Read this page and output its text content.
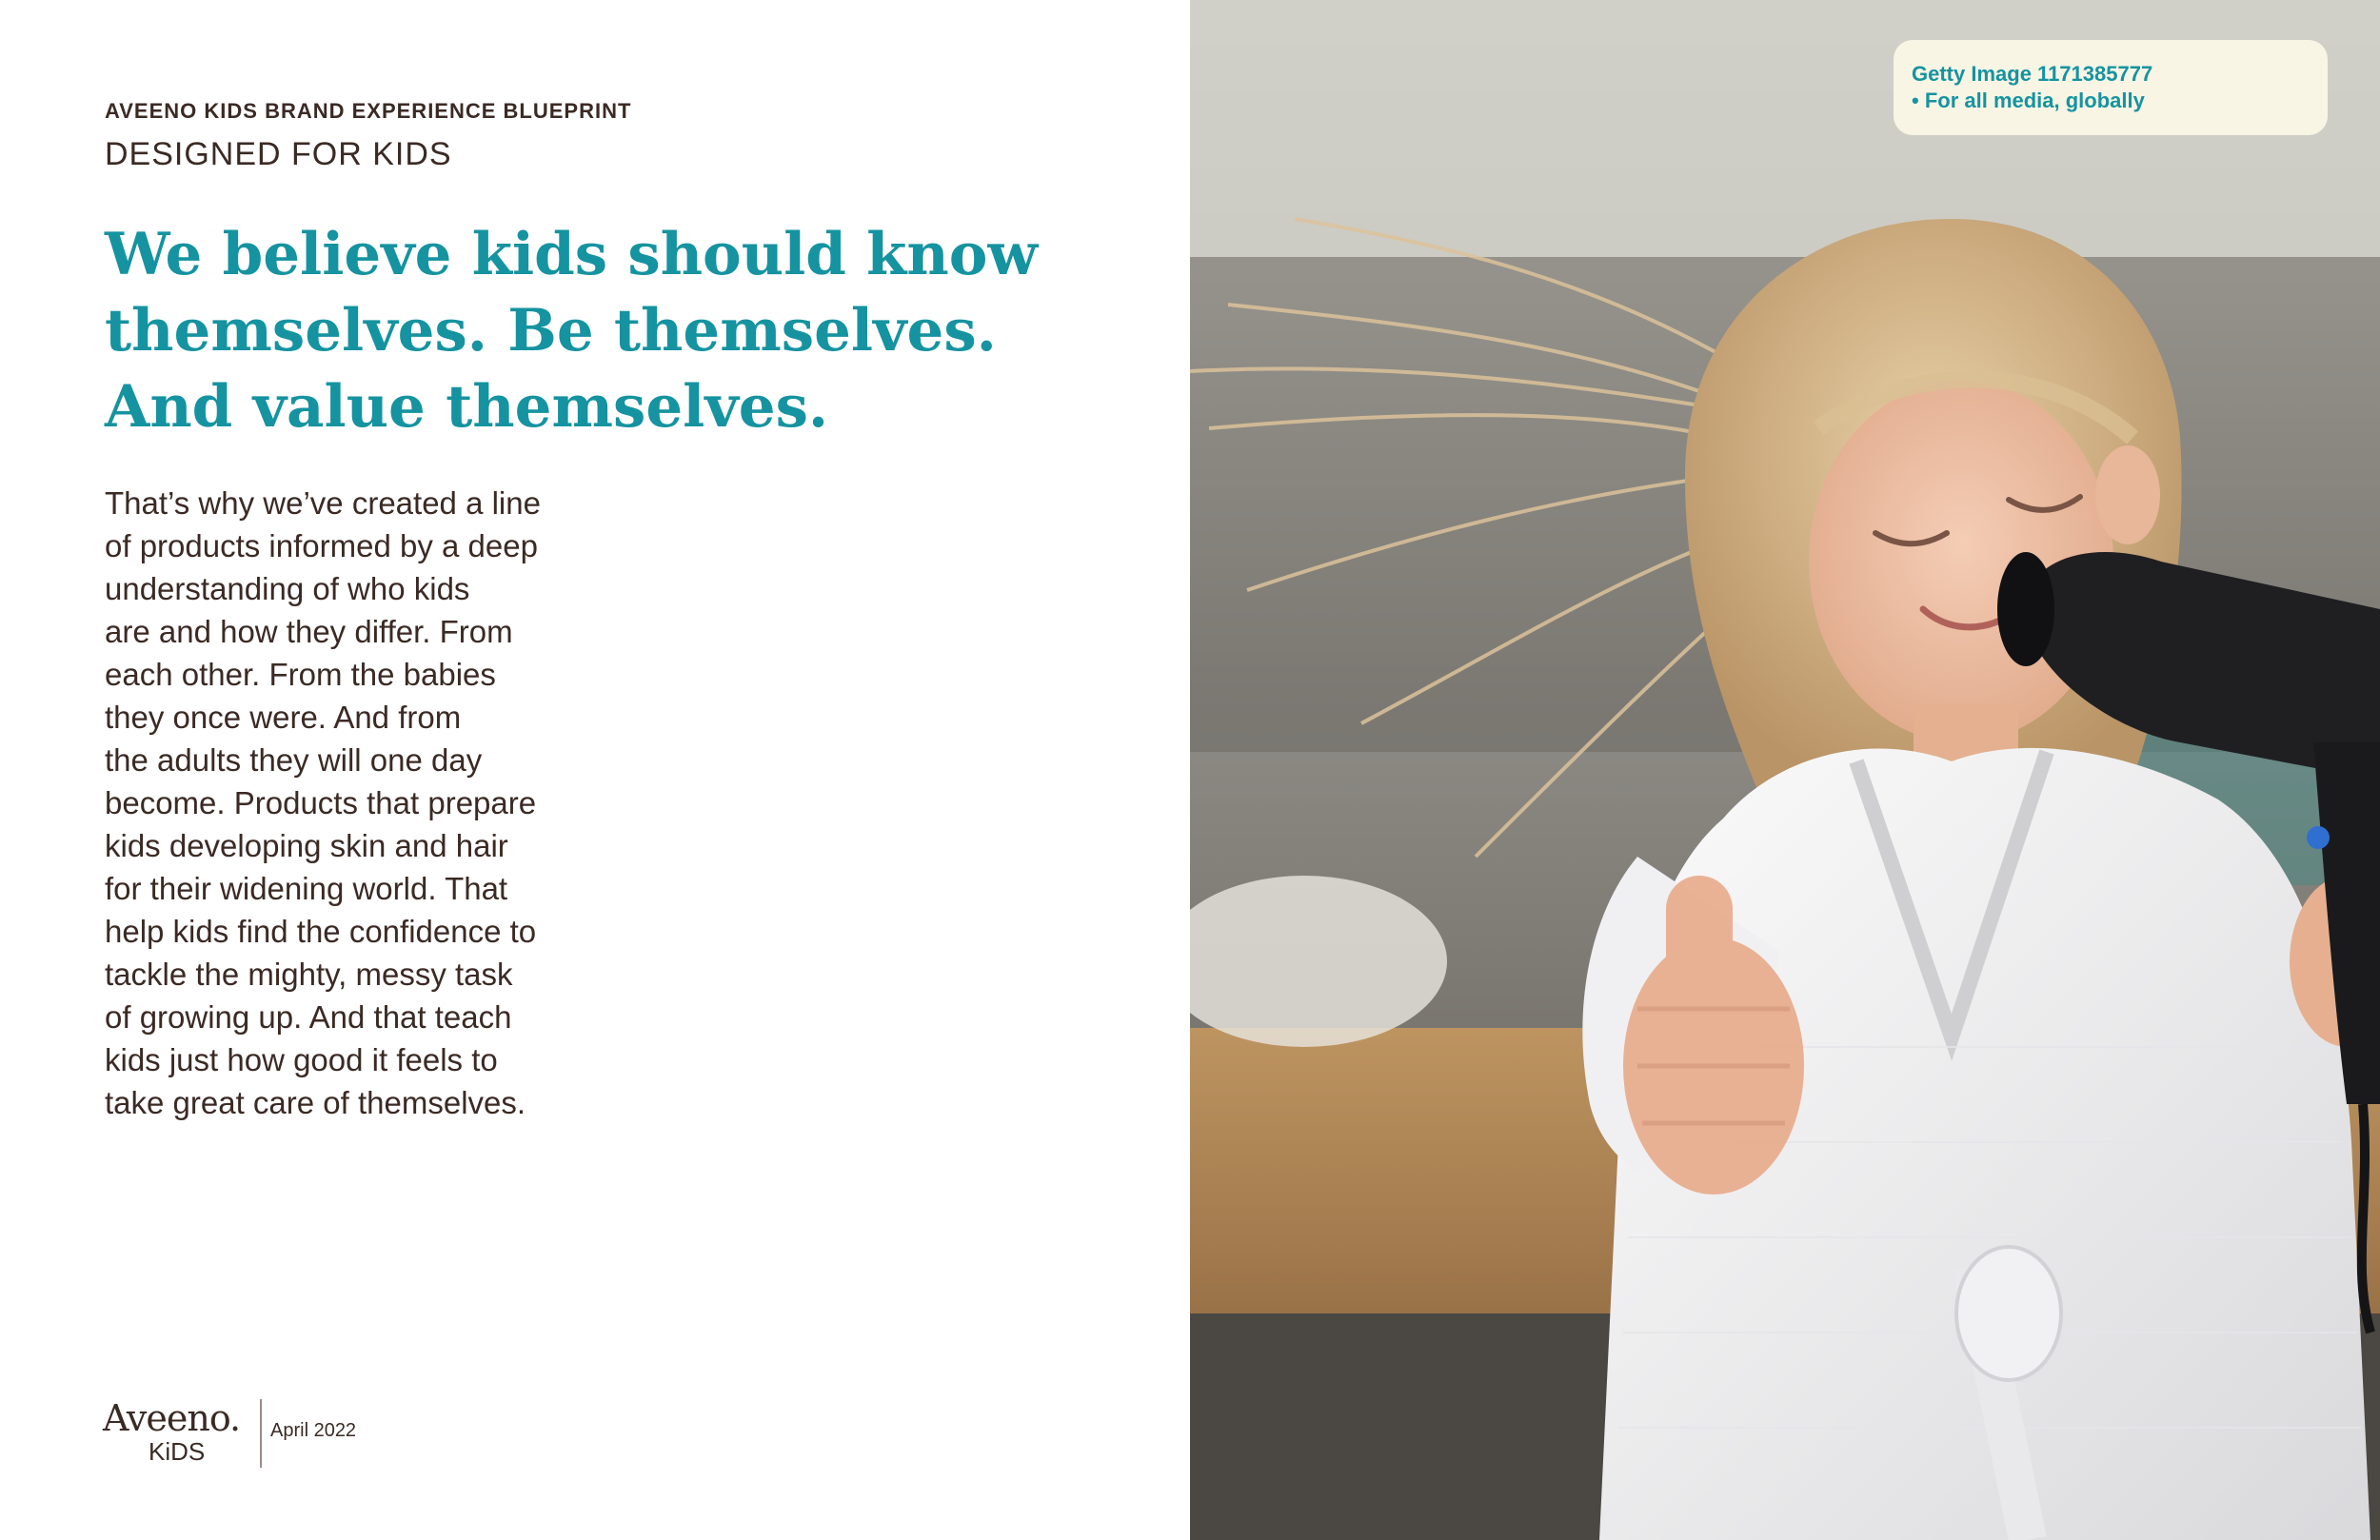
AVEENO KIDS BRAND EXPERIENCE BLUEPRINT
DESIGNED FOR KIDS
We believe kids should know
themselves. Be themselves.
And value themselves.
That’s why we’ve created a line
of products informed by a deep
understanding of who kids
are and how they differ. From
each other. From the babies
they once were. And from
the adults they will one day
become. Products that prepare
kids developing skin and hair
for their widening world. That
help kids find the confidence to
tackle the mighty, messy task
of growing up. And that teach
kids just how good it feels to
take great care of themselves.
Aveeno.
KiDS
April 2022
Getty Image 1171385777
• For all media, globally
